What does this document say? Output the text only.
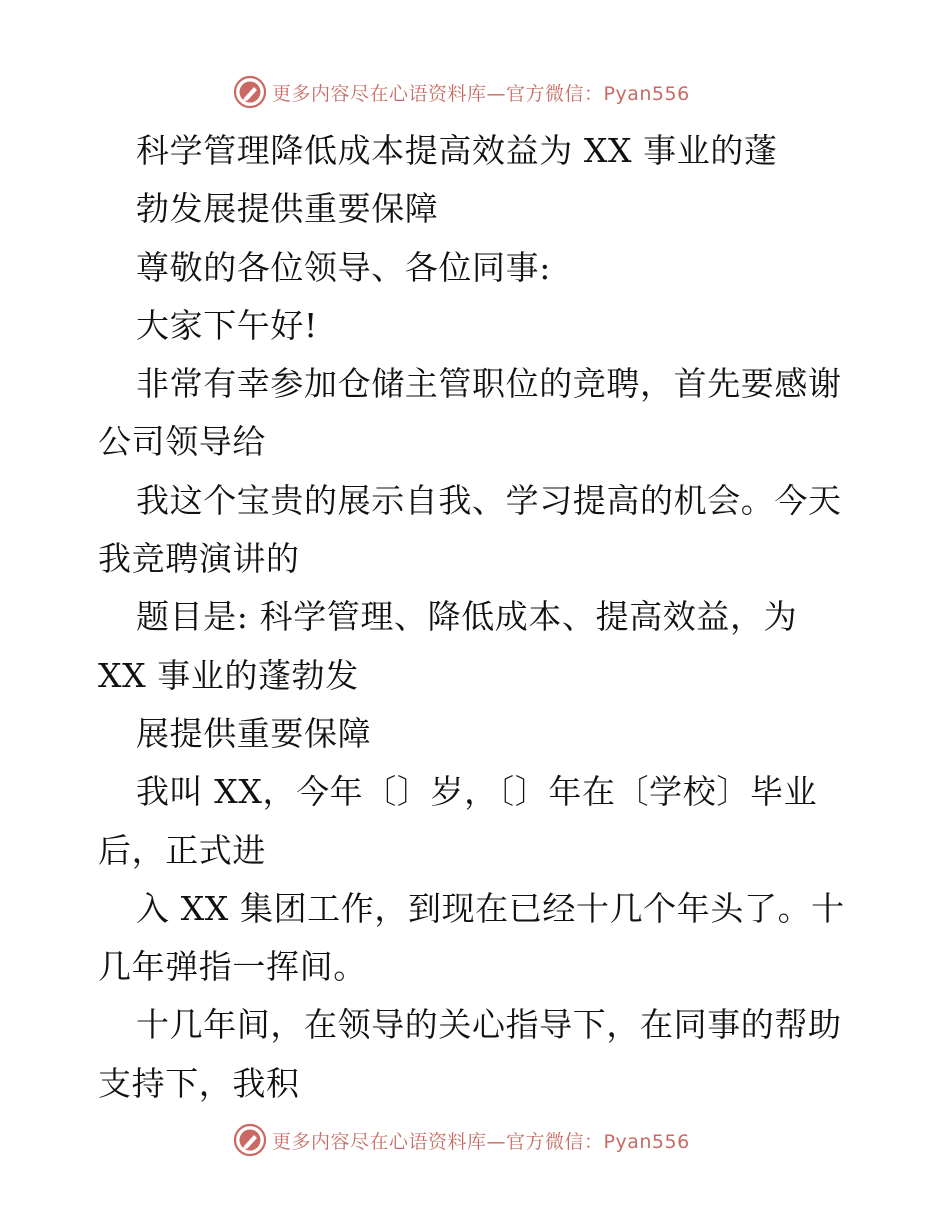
更多内容尽在心语资料库—官方微信：Pyan556
科学管理降低成本提高效益为 XX 事业的蓬
勃发展提供重要保障
尊敬的各位领导、各位同事:
大家下午好!
非常有幸参加仓储主管职位的竞聘，首先要感谢
公司领导给
我这个宝贵的展示自我、学习提高的机会。今天
我竞聘演讲的
题目是: 科学管理、降低成本、提高效益，为
XX 事业的蓬勃发
展提供重要保障
我叫 XX，今年〔〕岁，〔〕年在〔学校〕毕业
后，正式进
入 XX 集团工作，到现在已经十几个年头了。十
几年弹指一挥间。
十几年间，在领导的关心指导下，在同事的帮助
支持下，我积
更多内容尽在心语资料库—官方微信：Pyan556
